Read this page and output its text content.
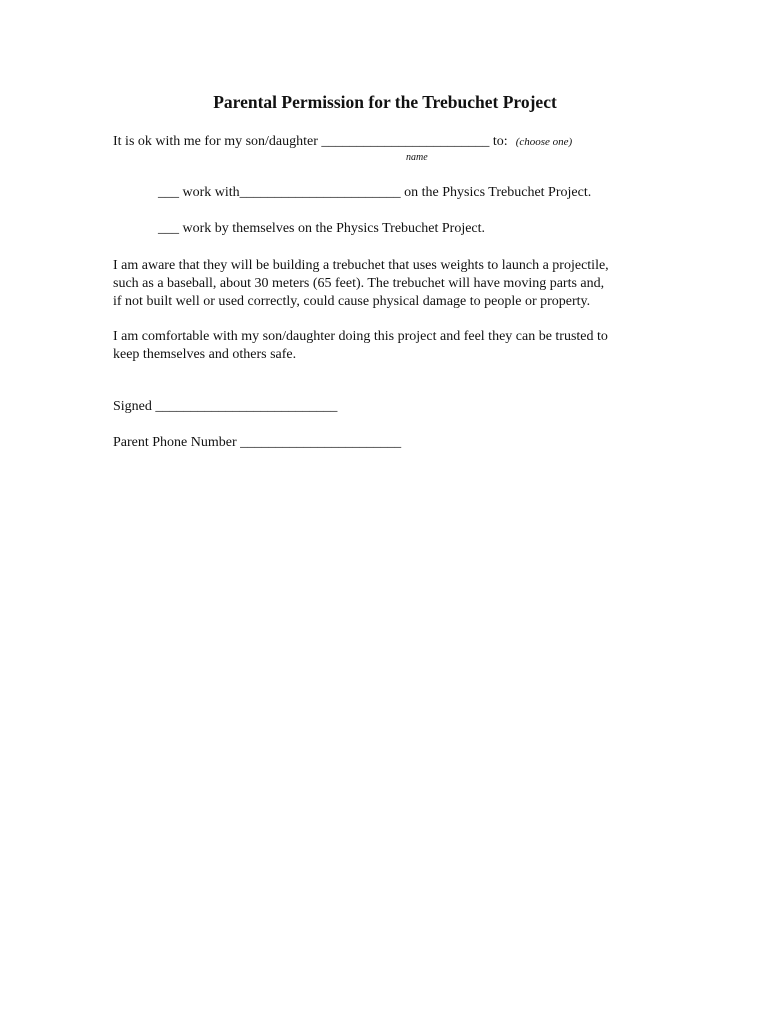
Parental Permission for the Trebuchet Project

It is ok with me for my son/daughter ________________________ to: (choose one)

name

___ work with_______________________ on the Physics Trebuchet Project.

___ work by themselves on the Physics Trebuchet Project.

I am aware that they will be building a trebuchet that uses weights to launch a projectile,
such as a baseball, about 30 meters (65 feet). The trebuchet will have moving parts and,
if not built well or used correctly, could cause physical damage to people or property.
I am comfortable with my son/daughter doing this project and feel they can be trusted to
keep themselves and others safe.

Signed __________________________

Parent Phone Number _______________________
